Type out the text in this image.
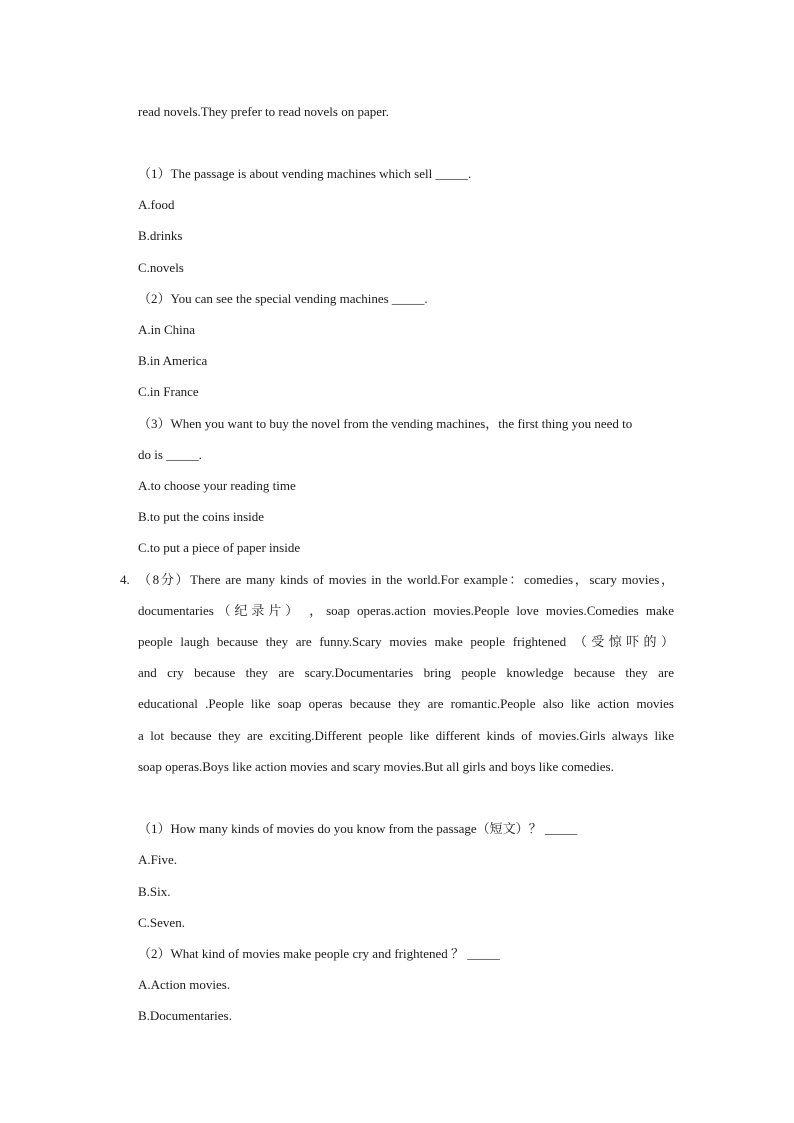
read novels.They prefer to read novels on paper.
（1）The passage is about vending machines which sell _____.
A.food
B.drinks
C.novels
（2）You can see the special vending machines _____.
A.in China
B.in America
C.in France
（3）When you want to buy the novel from the vending machines，the first thing you need to
do is _____.
A.to choose your reading time
B.to put the coins inside
C.to put a piece of paper inside
4. （8分）There are many kinds of movies in the world.For example：comedies，scary movies，
documentaries（纪录片） ，soap operas.action movies.People love movies.Comedies make
people laugh because they are funny.Scary movies make people frightened （受惊吓的）
and cry because they are scary.Documentaries bring people knowledge because they are
educational .People like soap operas because they are romantic.People also like action movies
a lot because they are exciting.Different people like different kinds of movies.Girls always like
soap operas.Boys like action movies and scary movies.But all girls and boys like comedies.
（1）How many kinds of movies do you know from the passage（短文）？ _____
A.Five.
B.Six.
C.Seven.
（2）What kind of movies make people cry and frightened ？ _____
A.Action movies.
B.Documentaries.
